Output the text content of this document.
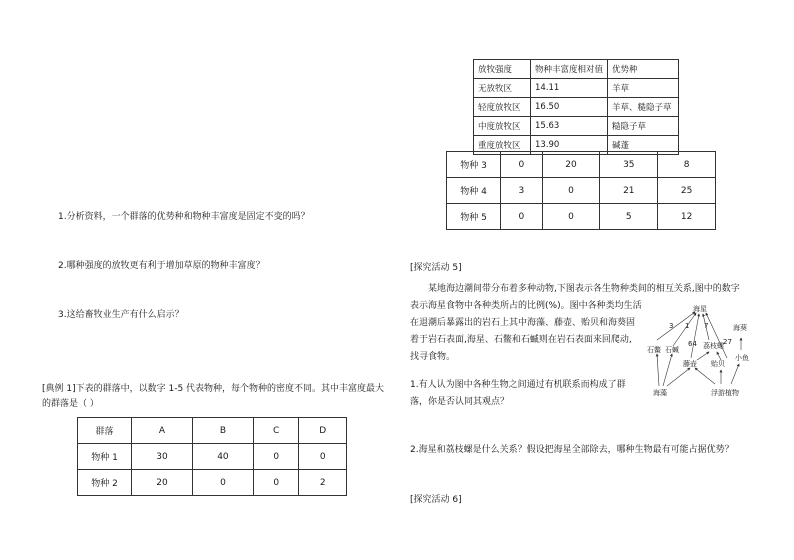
1.分析资料，一个群落的优势种和物种丰富度是固定不变的吗？
2.哪种强度的放牧更有利于增加草原的物种丰富度？
3.这给畜牧业生产有什么启示？
[典例 1]下表的群落中，以数字 1-5 代表物种，每个物种的密度不同。其中丰富度最大
的群落是（ ）
群落	A	B	C	D
物种 1	30	40	0	0
物种 2	20	0	0	2
放牧强度	物种丰富度相对值	优势种
无放牧区	14.11	羊草
轻度放牧区	16.50	羊草、糙隐子草
中度放牧区	15.63	糙隐子草
重度放牧区	13.90	碱蓬
物种 3	0	20	35	8
物种 4	3	0	21	25
物种 5	0	0	5	12
[探究活动 5]
某地海边潮间带分布着多种动物,下图表示各生物种类间的相互关系,图中的数字
表示海星食物中各种类所占的比例(%)。图中各种类均生活
在退潮后暴露出的岩石上其中海藻、藤壶、贻贝和海葵固
着于岩石表面,海星、石鳖和石蝛则在岩石表面来回爬动,
找寻食物。
1.有人认为图中各种生物之间通过有机联系而构成了群
落，你是否认同其观点？
2.海星和荔枝螺是什么关系？假设把海星全部除去，哪种生物最有可能占据优势？
[探究活动 6]
海星
海葵
石鳖 石蝛	荔枝螺
藤壶 贻贝
小鱼
海藻	浮游植物
3 1
64
7
27
